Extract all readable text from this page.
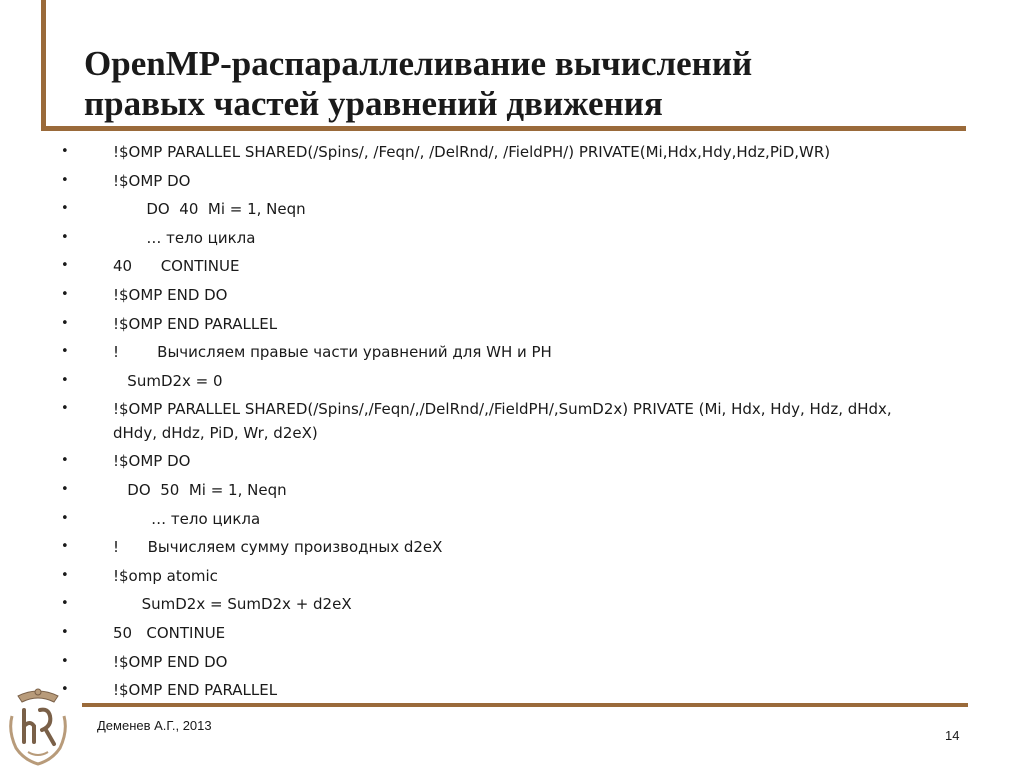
OpenMP-распараллеливание вычислений
правых частей уравнений движения
•	!$OMP PARALLEL SHARED(/Spins/, /Feqn/, /DelRnd/, /FieldPH/) PRIVATE(Mi,Hdx,Hdy,Hdz,PiD,WR)
•	!$OMP DO
•	DO  40  Mi = 1, Neqn
•	… тело цикла
•	40      CONTINUE
•	!$OMP END DO
•	!$OMP END PARALLEL
•	!        Вычисляем правые части уравнений для WH и PH
•	SumD2x = 0
•	!$OMP PARALLEL SHARED(/Spins/,/Feqn/,/DelRnd/,/FieldPH/,SumD2x) PRIVATE (Mi, Hdx, Hdy, Hdz, dHdx, dHdy, dHdz, PiD, Wr, d2eX)
•	!$OMP DO
•	DO  50  Mi = 1, Neqn
•	… тело цикла
•	!      Вычисляем сумму производных d2eX
•	!$omp atomic
•	SumD2x = SumD2x + d2eX
•	50   CONTINUE
•	!$OMP END DO
•	!$OMP END PARALLEL
Деменев А.Г., 2013
14
